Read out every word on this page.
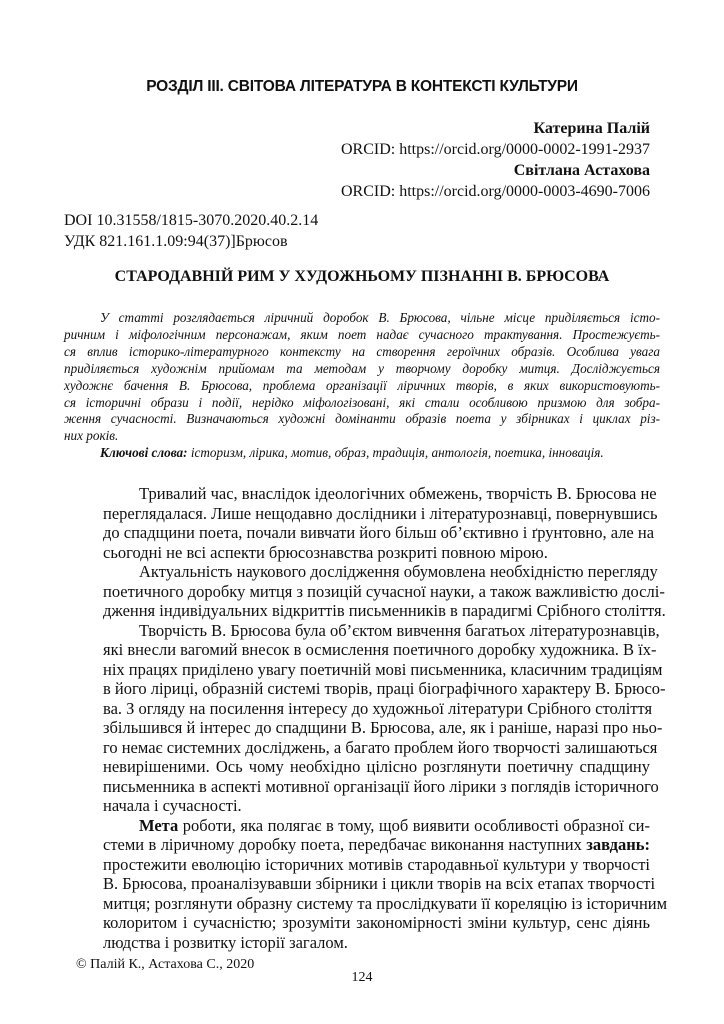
РОЗДІЛ III. СВІТОВА ЛІТЕРАТУРА В КОНТЕКСТІ КУЛЬТУРИ
Катерина Палій
ORCID: https://orcid.org/0000-0002-1991-2937
Світлана Астахова
ORCID: https://orcid.org/0000-0003-4690-7006
DOI 10.31558/1815-3070.2020.40.2.14
УДК 821.161.1.09:94(37)]Брюсов
СТАРОДАВНІЙ РИМ У ХУДОЖНЬОМУ ПІЗНАННІ В. БРЮСОВА
У статті розглядається ліричний доробок В. Брюсова, чільне місце приділяється істо-
ричним і міфологічним персонажам, яким поет надає сучасного трактування. Простежуєть-
ся вплив історико-літературного контексту на створення героїчних образів. Особлива увага
приділяється художнім прийомам та методам у творчому доробку митця. Досліджується
художнє бачення В. Брюсова, проблема організації ліричних творів, в яких використовують-
ся історичні образи і події, нерідко міфологізовані, які стали особливою призмою для зобра-
ження сучасності. Визначаються художні домінанти образів поета у збірниках і циклах різ-
них років.
Ключові слова: історизм, лірика, мотив, образ, традиція, антологія, поетика, інновація.
Тривалий час, внаслідок ідеологічних обмежень, творчість В. Брюсова не
переглядалася. Лише нещодавно дослідники і літературознавці, повернувшись
до спадщини поета, почали вивчати його більш об’єктивно і ґрунтовно, але на
сьогодні не всі аспекти брюсознавства розкриті повною мірою.
Актуальність наукового дослідження обумовлена необхідністю перегляду
поетичного доробку митця з позицій сучасної науки, а також важливістю дослі-
дження індивідуальних відкриттів письменників в парадигмі Срібного століття.
Творчість В. Брюсова була об’єктом вивчення багатьох літературознавців,
які внесли вагомий внесок в осмислення поетичного доробку художника. В їх-
ніх працях приділено увагу поетичній мові письменника, класичним традиціям
в його ліриці, образній системі творів, праці біографічного характеру В. Брюсо-
ва. З огляду на посилення інтересу до художньої літератури Срібного століття
збільшився й інтерес до спадщини В. Брюсова, але, як і раніше, наразі про ньо-
го немає системних досліджень, а багато проблем його творчості залишаються
невирішеними. Ось чому необхідно цілісно розглянути поетичну спадщину
письменника в аспекті мотивної організації його лірики з поглядів історичного
начала і сучасності.
Мета роботи, яка полягає в тому, щоб виявити особливості образної си-
стеми в ліричному доробку поета, передбачає виконання наступних завдань:
простежити еволюцію історичних мотивів стародавньої культури у творчості
В. Брюсова, проаналізувавши збірники і цикли творів на всіх етапах творчості
митця; розглянути образну систему та прослідкувати її кореляцію із історичним
колоритом і сучасністю; зрозуміти закономірності зміни культур, сенс діянь
людства і розвитку історії загалом.
© Палій К., Астахова С., 2020
124
